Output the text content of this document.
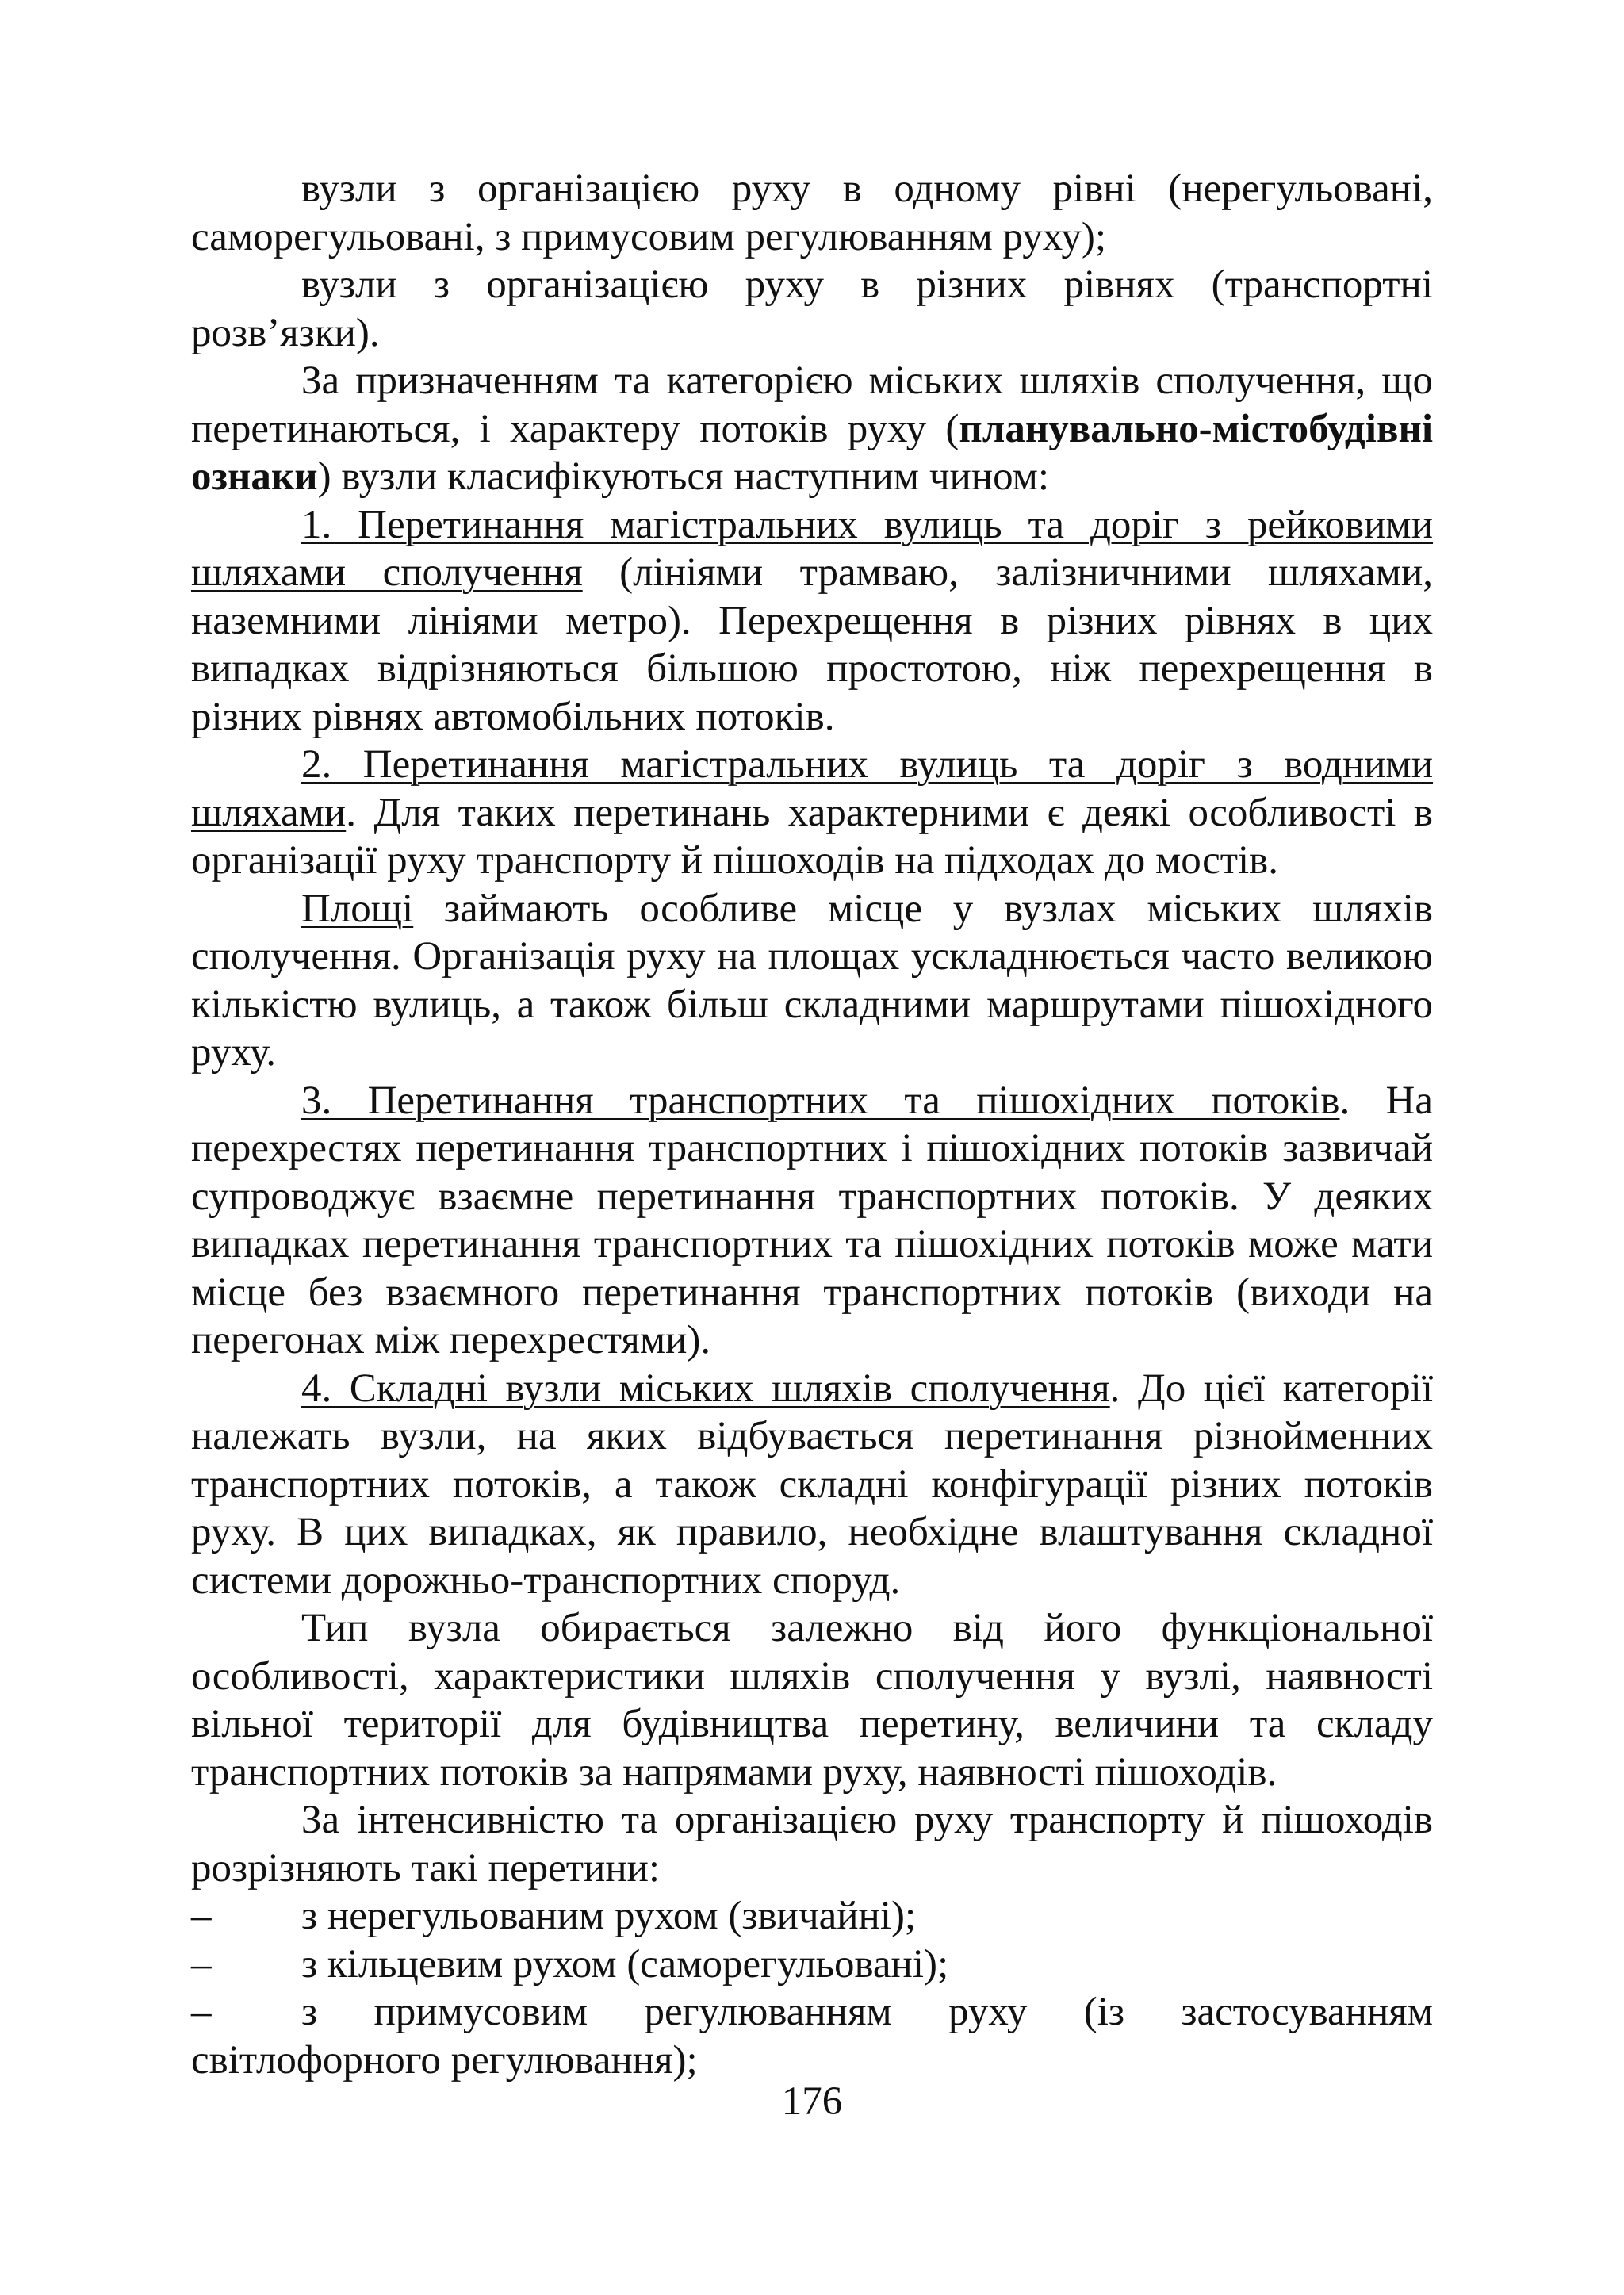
вузли з організацією руху в одному рівні (нерегульовані, саморегульовані, з примусовим регулюванням руху);

вузли з організацією руху в різних рівнях (транспортні розв’язки).

За призначенням та категорією міських шляхів сполучення, що перетинаються, і характеру потоків руху (планувально-містобудівні ознаки) вузли класифікуються наступним чином:

1. Перетинання магістральних вулиць та доріг з рейковими шляхами сполучення (лініями трамваю, залізничними шляхами, наземними лініями метро). Перехрещення в різних рівнях в цих випадках відрізняються більшою простотою, ніж перехрещення в різних рівнях автомобільних потоків.

2. Перетинання магістральних вулиць та доріг з водними шляхами. Для таких перетинань характерними є деякі особливості в організації руху транспорту й пішоходів на підходах до мостів.

Площі займають особливе місце у вузлах міських шляхів сполучення. Організація руху на площах ускладнюється часто великою кількістю вулиць, а також більш складними маршрутами пішохідного руху.

3. Перетинання транспортних та пішохідних потоків. На перехрестях перетинання транспортних і пішохідних потоків зазвичай супроводжує взаємне перетинання транспортних потоків. У деяких випадках перетинання транспортних та пішохідних потоків може мати місце без взаємного перетинання транспортних потоків (виходи на перегонах між перехрестями).

4. Складні вузли міських шляхів сполучення. До цієї категорії належать вузли, на яких відбувається перетинання різнойменних транспортних потоків, а також складні конфігурації різних потоків руху. В цих випадках, як правило, необхідне влаштування складної системи дорожньо-транспортних споруд.

Тип вузла обирається залежно від його функціональної особливості, характеристики шляхів сполучення у вузлі, наявності вільної території для будівництва перетину, величини та складу транспортних потоків за напрямами руху, наявності пішоходів.

За інтенсивністю та організацією руху транспорту й пішоходів розрізняють такі перетини:

– з нерегульованим рухом (звичайні);

– з кільцевим рухом (саморегульовані);

– з примусовим регулюванням руху (із застосуванням світлофорного регулювання);

176
